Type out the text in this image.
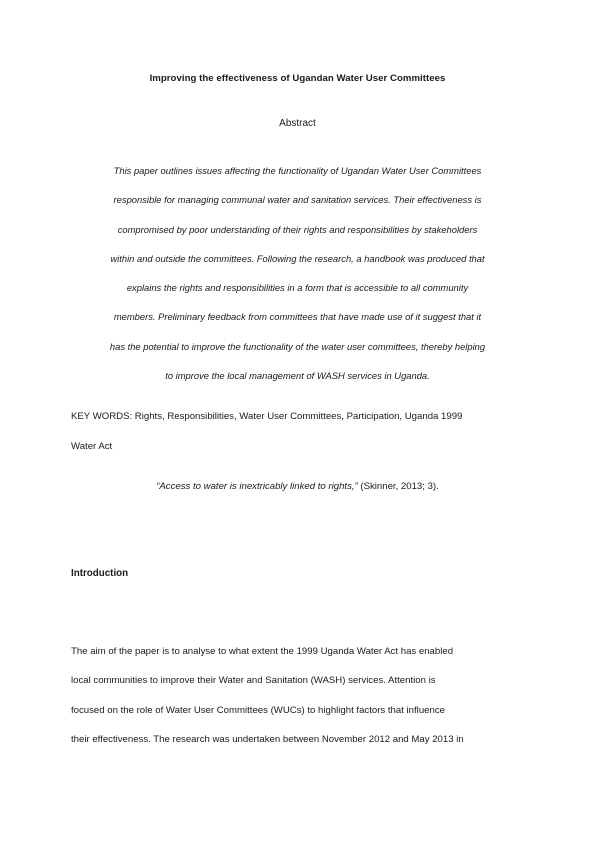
Improving the effectiveness of Ugandan Water User Committees
Abstract

This paper outlines issues affecting the functionality of Ugandan Water User Committees
responsible for managing communal water and sanitation services. Their effectiveness is
compromised by poor understanding of their rights and responsibilities by stakeholders
within and outside the committees. Following the research, a handbook was produced that
explains the rights and responsibilities in a form that is accessible to all community
members. Preliminary feedback from committees that have made use of it suggest that it
has the potential to improve the functionality of the water user committees, thereby helping
to improve the local management of WASH services in Uganda.

KEY WORDS: Rights, Responsibilities, Water User Committees, Participation, Uganda 1999
Water Act

“Access to water is inextricably linked to rights,” (Skinner, 2013; 3).
Introduction

The aim of the paper is to analyse to what extent the 1999 Uganda Water Act has enabled
local communities to improve their Water and Sanitation (WASH) services. Attention is
focused on the role of Water User Committees (WUCs) to highlight factors that influence
their effectiveness. The research was undertaken between November 2012 and May 2013 in
